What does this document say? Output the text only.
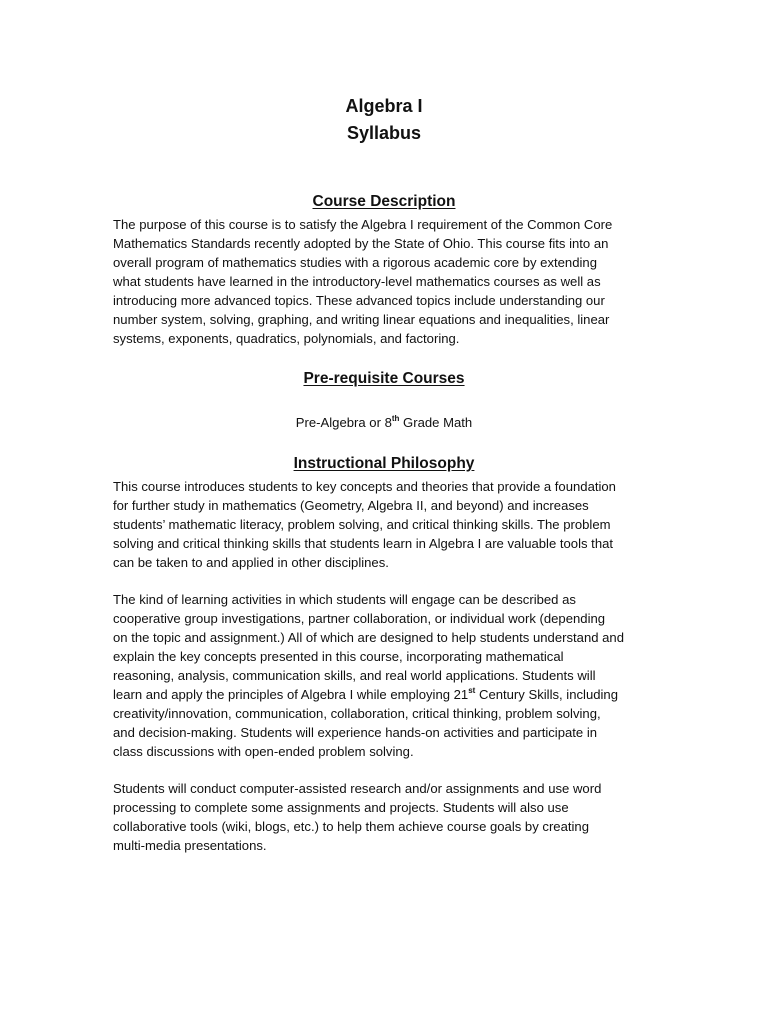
Algebra I
Syllabus
Course Description
The purpose of this course is to satisfy the Algebra I requirement of the Common Core
Mathematics Standards recently adopted by the State of Ohio. This course fits into an
overall program of mathematics studies with a rigorous academic core by extending
what students have learned in the introductory-level mathematics courses as well as
introducing more advanced topics. These advanced topics include understanding our
number system, solving, graphing, and writing linear equations and inequalities, linear
systems, exponents, quadratics, polynomials, and factoring.
Pre-requisite Courses
Pre-Algebra or 8th Grade Math
Instructional Philosophy
This course introduces students to key concepts and theories that provide a foundation
for further study in mathematics (Geometry, Algebra II, and beyond) and increases
students’ mathematic literacy, problem solving, and critical thinking skills. The problem
solving and critical thinking skills that students learn in Algebra I are valuable tools that
can be taken to and applied in other disciplines.
The kind of learning activities in which students will engage can be described as
cooperative group investigations, partner collaboration, or individual work (depending
on the topic and assignment.) All of which are designed to help students understand and
explain the key concepts presented in this course, incorporating mathematical
reasoning, analysis, communication skills, and real world applications. Students will
learn and apply the principles of Algebra I while employing 21st Century Skills, including
creativity/innovation, communication, collaboration, critical thinking, problem solving,
and decision-making. Students will experience hands-on activities and participate in
class discussions with open-ended problem solving.
Students will conduct computer-assisted research and/or assignments and use word
processing to complete some assignments and projects. Students will also use
collaborative tools (wiki, blogs, etc.) to help them achieve course goals by creating
multi-media presentations.
